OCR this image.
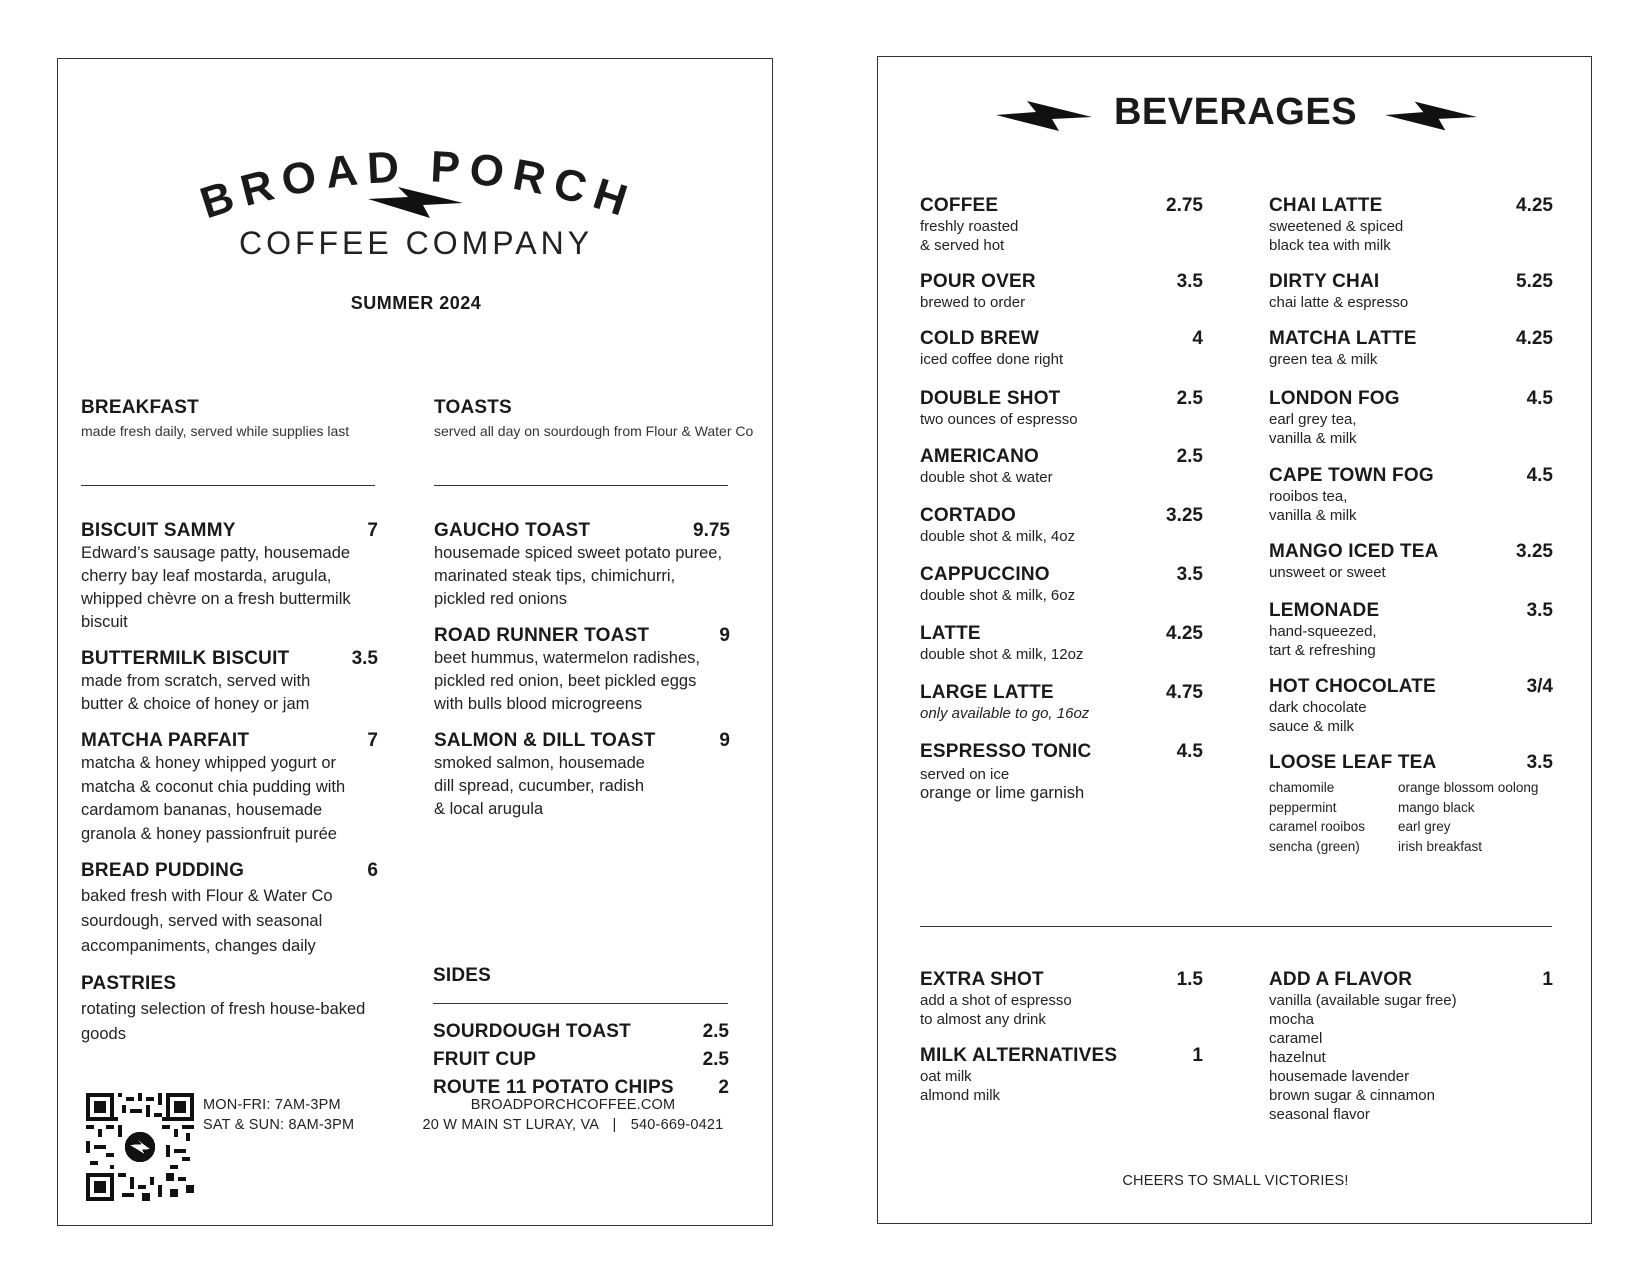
BROAD PORCH
COFFEE COMPANY
SUMMER 2024
BREAKFAST
made fresh daily, served while supplies last
BISCUIT SAMMY	7
Edward’s sausage patty, housemade
cherry bay leaf mostarda, arugula,
whipped chèvre on a fresh buttermilk
biscuit
BUTTERMILK BISCUIT	3.5
made from scratch, served with
butter & choice of honey or jam
MATCHA PARFAIT	7
matcha & honey whipped yogurt or
matcha & coconut chia pudding with
cardamom bananas, housemade
granola & honey passionfruit purée
BREAD PUDDING	6
baked fresh with Flour & Water Co
sourdough, served with seasonal
accompaniments, changes daily
PASTRIES
rotating selection of fresh house-baked
goods
TOASTS
served all day on sourdough from Flour & Water Co
GAUCHO TOAST	9.75
housemade spiced sweet potato puree,
marinated steak tips, chimichurri,
pickled red onions
ROAD RUNNER TOAST	9
beet hummus, watermelon radishes,
pickled red onion, beet pickled eggs
with bulls blood microgreens
SALMON & DILL TOAST	9
smoked salmon, housemade
dill spread, cucumber, radish
& local arugula
SIDES
SOURDOUGH TOAST	2.5
FRUIT CUP	2.5
ROUTE 11 POTATO CHIPS 2
MON-FRI: 7AM-3PM
SAT & SUN: 8AM-3PM
BROADPORCHCOFFEE.COM
20 W MAIN ST LURAY, VA | 540-669-0421
BEVERAGES
COFFEE	2.75
freshly roasted
& served hot
POUR OVER	3.5
brewed to order
COLD BREW	4
iced coffee done right
DOUBLE SHOT	2.5
two ounces of espresso
AMERICANO	2.5
double shot & water
CORTADO	3.25
double shot & milk, 4oz
CAPPUCCINO	3.5
double shot & milk, 6oz
LATTE	4.25
double shot & milk, 12oz
LARGE LATTE	4.75
only available to go, 16oz
ESPRESSO TONIC	4.5
served on ice
orange or lime garnish
CHAI LATTE	4.25
sweetened & spiced
black tea with milk
DIRTY CHAI	5.25
chai latte & espresso
MATCHA LATTE	4.25
green tea & milk
LONDON FOG	4.5
earl grey tea,
vanilla & milk
CAPE TOWN FOG	4.5
rooibos tea,
vanilla & milk
MANGO ICED TEA	3.25
unsweet or sweet
LEMONADE	3.5
hand-squeezed,
tart & refreshing
HOT CHOCOLATE	3/4
dark chocolate
sauce & milk
LOOSE LEAF TEA	3.5
chamomile
peppermint
caramel rooibos
sencha (green)
orange blossom oolong
mango black
earl grey
irish breakfast
EXTRA SHOT	1.5
add a shot of espresso
to almost any drink
MILK ALTERNATIVES	1
oat milk
almond milk
ADD A FLAVOR	1
vanilla (available sugar free)
mocha
caramel
hazelnut
housemade lavender
brown sugar & cinnamon
seasonal flavor
CHEERS TO SMALL VICTORIES!
